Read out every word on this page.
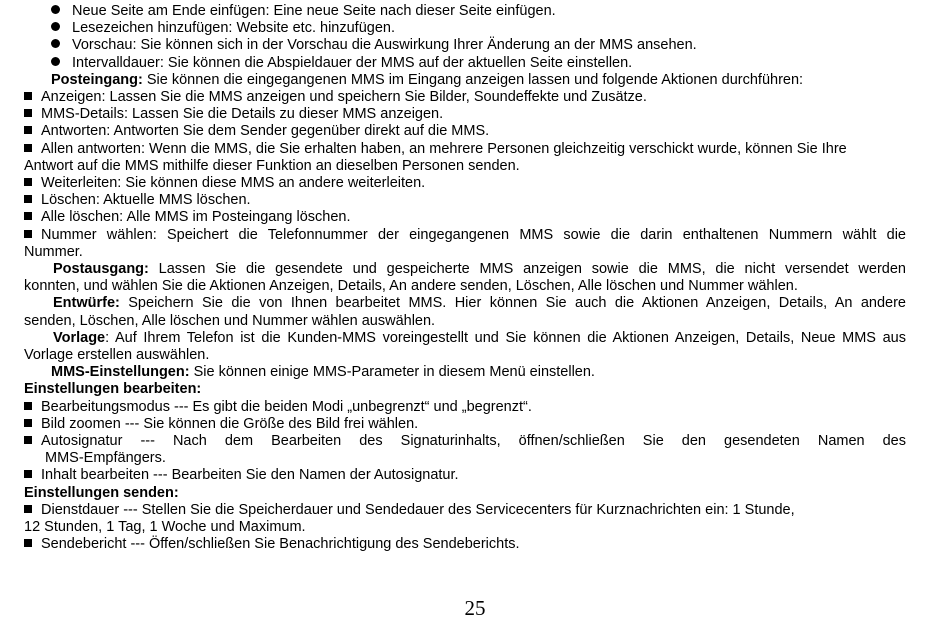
Neue Seite am Ende einfügen: Eine neue Seite nach dieser Seite einfügen.
Lesezeichen hinzufügen: Website etc. hinzufügen.
Vorschau: Sie können sich in der Vorschau die Auswirkung Ihrer Änderung an der MMS ansehen.
Intervalldauer: Sie können die Abspieldauer der MMS auf der aktuellen Seite einstellen.
Posteingang: Sie können die eingegangenen MMS im Eingang anzeigen lassen und folgende Aktionen durchführen:
Anzeigen: Lassen Sie die MMS anzeigen und speichern Sie Bilder, Soundeffekte und Zusätze.
MMS-Details: Lassen Sie die Details zu dieser MMS anzeigen.
Antworten: Antworten Sie dem Sender gegenüber direkt auf die MMS.
Allen antworten: Wenn die MMS, die Sie erhalten haben, an mehrere Personen gleichzeitig verschickt wurde, können Sie Ihre
Antwort auf die MMS mithilfe dieser Funktion an dieselben Personen senden.
Weiterleiten: Sie können diese MMS an andere weiterleiten.
Löschen: Aktuelle MMS löschen.
Alle löschen: Alle MMS im Posteingang löschen.
Nummer wählen: Speichert die Telefonnummer der eingegangenen MMS sowie die darin enthaltenen Nummern wählt die
Nummer.
Postausgang: Lassen Sie die gesendete und gespeicherte MMS anzeigen sowie die MMS, die nicht versendet werden
konnten, und wählen Sie die Aktionen Anzeigen, Details, An andere senden, Löschen, Alle löschen und Nummer wählen.
Entwürfe: Speichern Sie die von Ihnen bearbeitet MMS. Hier können Sie auch die Aktionen Anzeigen, Details, An andere
senden, Löschen, Alle löschen und Nummer wählen auswählen.
Vorlage: Auf Ihrem Telefon ist die Kunden-MMS voreingestellt und Sie können die Aktionen Anzeigen, Details, Neue MMS aus
Vorlage erstellen auswählen.
MMS-Einstellungen: Sie können einige MMS-Parameter in diesem Menü einstellen.
Einstellungen bearbeiten:
Bearbeitungsmodus --- Es gibt die beiden Modi „unbegrenzt“ und „begrenzt“.
Bild zoomen --- Sie können die Größe des Bild frei wählen.
Autosignatur --- Nach dem Bearbeiten des Signaturinhalts, öffnen/schließen Sie den gesendeten Namen des
MMS-Empfängers.
Inhalt bearbeiten --- Bearbeiten Sie den Namen der Autosignatur.
Einstellungen senden:
Dienstdauer --- Stellen Sie die Speicherdauer und Sendedauer des Servicecenters für Kurznachrichten ein: 1 Stunde,
12 Stunden, 1 Tag, 1 Woche und Maximum.
Sendebericht --- Öffen/schließen Sie Benachrichtigung des Sendeberichts.
25
